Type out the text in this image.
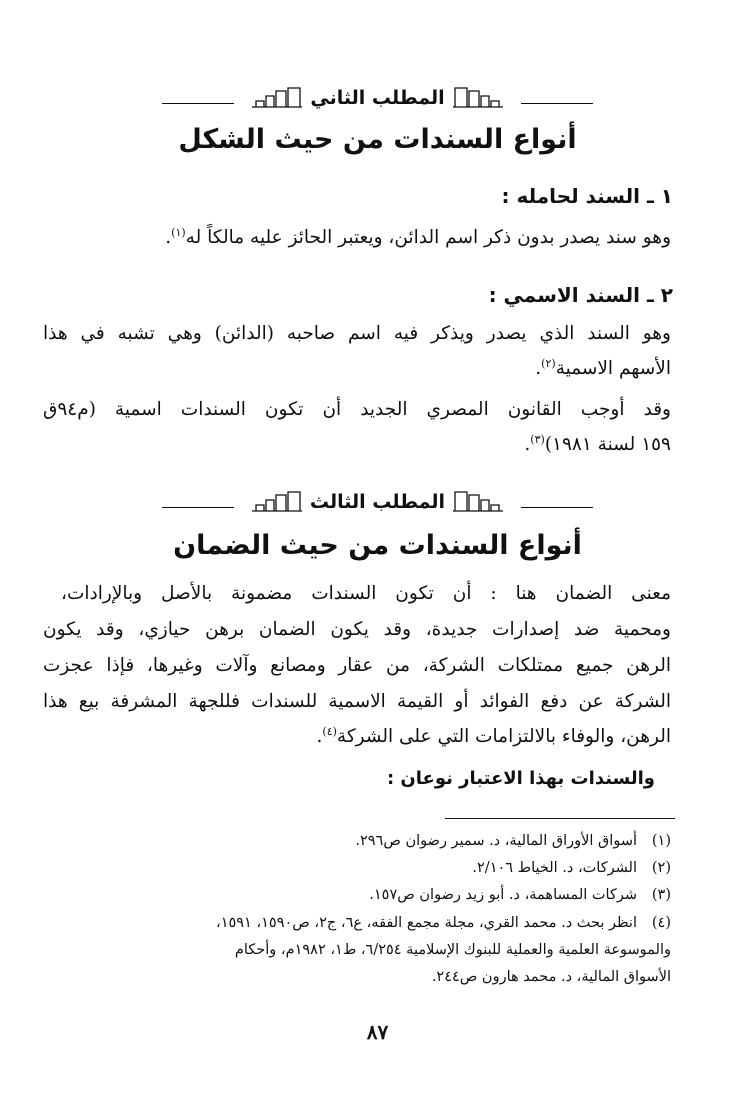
المطلب الثاني
أنواع السندات من حيث الشكل
١ ـ السند لحامله :
وهو سند يصدر بدون ذكر اسم الدائن، ويعتبر الحائز عليه مالكاً له$^{(١)}$.
٢ ـ السند الاسمي :
وهو السند الذي يصدر ويذكر فيه اسم صاحبه (الدائن) وهي تشبه في هذا
الأسهم الاسمية$^{(٢)}$.
وقد أوجب القانون المصري الجديد أن تكون السندات اسمية (م٩٤ق
١٥٩ لسنة ١٩٨١)$^{(٣)}$.
المطلب الثالث
أنواع السندات من حيث الضمان
معنى الضمان هنا : أن تكون السندات مضمونة بالأصل وبالإرادات،
ومحمية ضد إصدارات جديدة، وقد يكون الضمان برهن حيازي، وقد يكون
الرهن جميع ممتلكات الشركة، من عقار ومصانع وآلات وغيرها، فإذا عجزت
الشركة عن دفع الفوائد أو القيمة الاسمية للسندات فللجهة المشرفة بيع هذا
الرهن، والوفاء بالالتزامات التي على الشركة$^{(٤)}$.
والسندات بهذا الاعتبار نوعان :
(١)أسواق الأوراق المالية، د. سمير رضوان ص٢٩٦.
(٢)الشركات، د. الخياط ٢/١٠٦.
(٣)شركات المساهمة، د. أبو زيد رضوان ص١٥٧.
(٤)انظر بحث د. محمد القري، مجلة مجمع الفقه، ع٦، ج٢، ص١٥٩٠، ١٥٩١،
والموسوعة العلمية والعملية للبنوك الإسلامية ٦/٢٥٤، ط١، ١٩٨٢م، وأحكام
الأسواق المالية، د. محمد هارون ص٢٤٤.
٨٧
